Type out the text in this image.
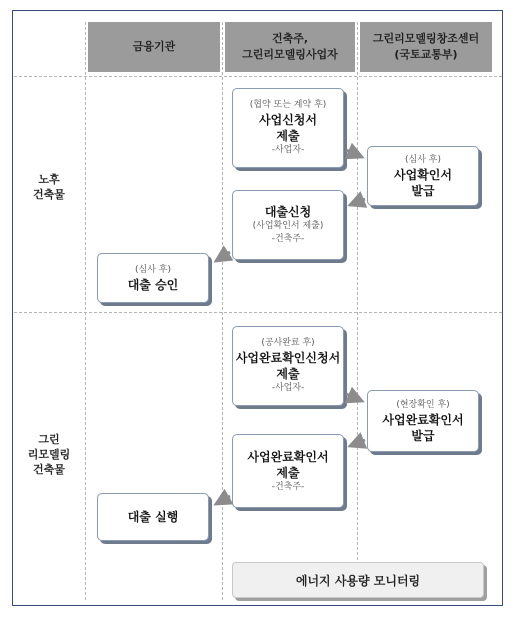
금융기관
건축주,
그린리모델링사업자
그린리모델링창조센터
(국토교통부)
노후
건축물
그린
리모델링
건축물
(협약 또는 계약 후)
사업신청서
제출
-사업자-
(심사 후)
사업확인서
발급
대출신청
(사업확인서 제출)
-건축주-
(심사 후)
대출 승인
(공사완료 후)
사업완료확인신청서
제출
-사업자-
(현장확인 후)
사업완료확인서
발급
사업완료확인서
제출
-건축주-
대출 실행
에너지 사용량 모니터링
